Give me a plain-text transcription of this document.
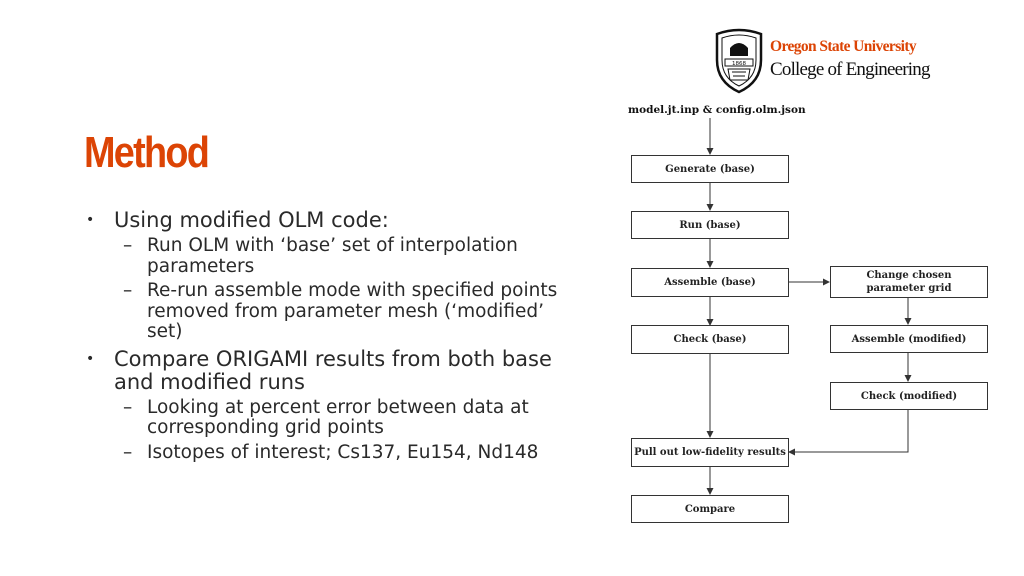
Method
• Using modified OLM code:
– Run OLM with ‘base’ set of interpolation parameters
– Re-run assemble mode with specified points removed from parameter mesh (‘modified’ set)
• Compare ORIGAMI results from both base and modified runs
– Looking at percent error between data at corresponding grid points
– Isotopes of interest; Cs137, Eu154, Nd148
1868
Oregon State University
College of Engineering
model.jt.inp & config.olm.json
Generate (base)
Run (base)
Assemble (base)
Check (base)
Change chosen parameter grid
Assemble (modified)
Check (modified)
Pull out low-fidelity results
Compare
